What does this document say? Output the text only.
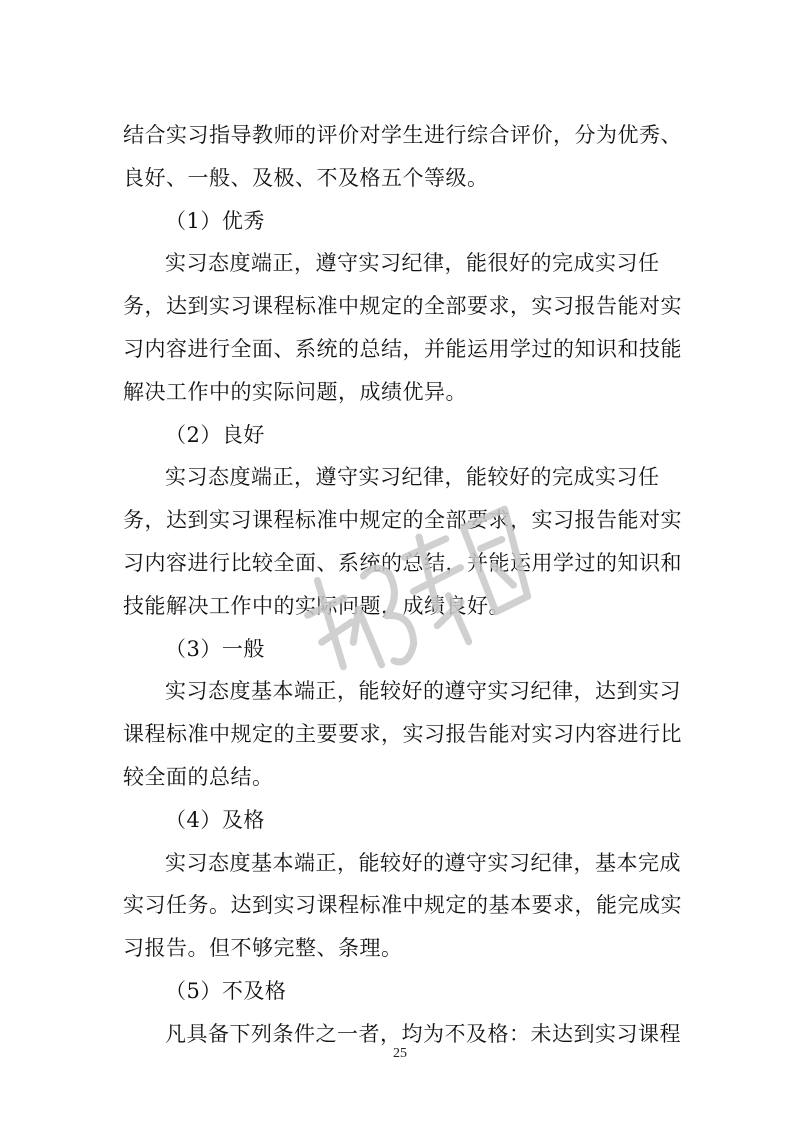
结合实习指导教师的评价对学生进行综合评价，分为优秀、良好、一般、及极、不及格五个等级。

（1）优秀

实习态度端正，遵守实习纪律，能很好的完成实习任务，达到实习课程标准中规定的全部要求，实习报告能对实习内容进行全面、系统的总结，并能运用学过的知识和技能解决工作中的实际问题，成绩优异。

（2）良好

实习态度端正，遵守实习纪律，能较好的完成实习任务，达到实习课程标准中规定的全部要求，实习报告能对实习内容进行比较全面、系统的总结，并能运用学过的知识和技能解决工作中的实际问题，成绩良好。

（3）一般

实习态度基本端正，能较好的遵守实习纪律，达到实习课程标准中规定的主要要求，实习报告能对实习内容进行比较全面的总结。

（4）及格

实习态度基本端正，能较好的遵守实习纪律，基本完成实习任务。达到实习课程标准中规定的基本要求，能完成实习报告。但不够完整、条理。

（5）不及格

凡具备下列条件之一者，均为不及格：未达到实习课程

25
